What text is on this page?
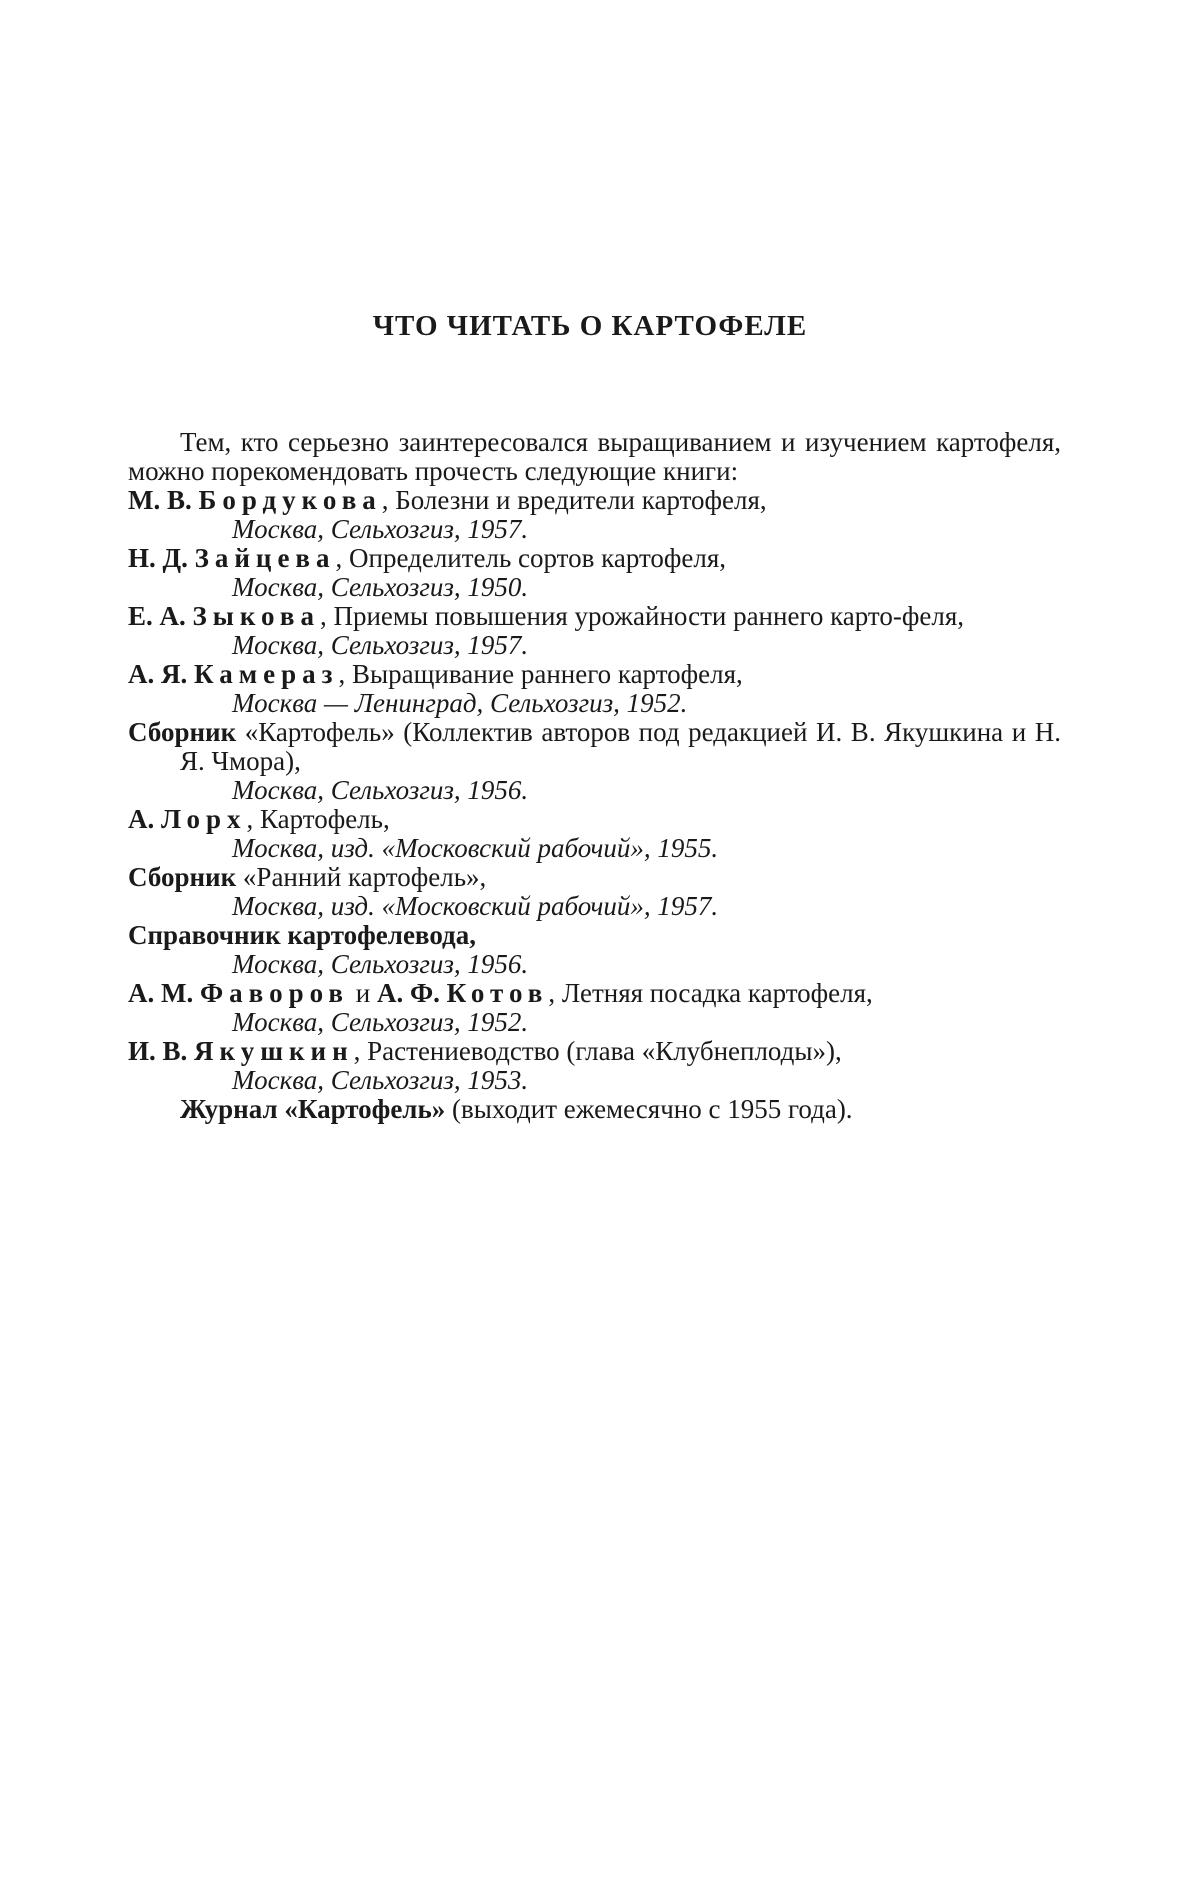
ЧТО ЧИТАТЬ О КАРТОФЕЛЕ

Тем, кто серьезно заинтересовался выращиванием и изучением картофеля, можно порекомендовать прочесть следующие книги:

М. В. Бордукова, Болезни и вредители картофеля,
Москва, Сельхозгиз, 1957.

Н. Д. Зайцева, Определитель сортов картофеля,
Москва, Сельхозгиз, 1950.

Е. А. Зыкова, Приемы повышения урожайности раннего карто-феля,
Москва, Сельхозгиз, 1957.

А. Я. Камераз, Выращивание раннего картофеля,
Москва — Ленинград, Сельхозгиз, 1952.

Сборник «Картофель» (Коллектив авторов под редакцией И. В. Якушкина и Н. Я. Чмора),
Москва, Сельхозгиз, 1956.

А. Лорх, Картофель,
Москва, изд. «Московский рабочий», 1955.

Сборник «Ранний картофель»,
Москва, изд. «Московский рабочий», 1957.

Справочник картофелевода,
Москва, Сельхозгиз, 1956.

А. М. Фаворов и А. Ф. Котов, Летняя посадка картофеля,
Москва, Сельхозгиз, 1952.

И. В. Якушкин, Растениеводство (глава «Клубнеплоды»),
Москва, Сельхозгиз, 1953.

Журнал «Картофель» (выходит ежемесячно с 1955 года).
